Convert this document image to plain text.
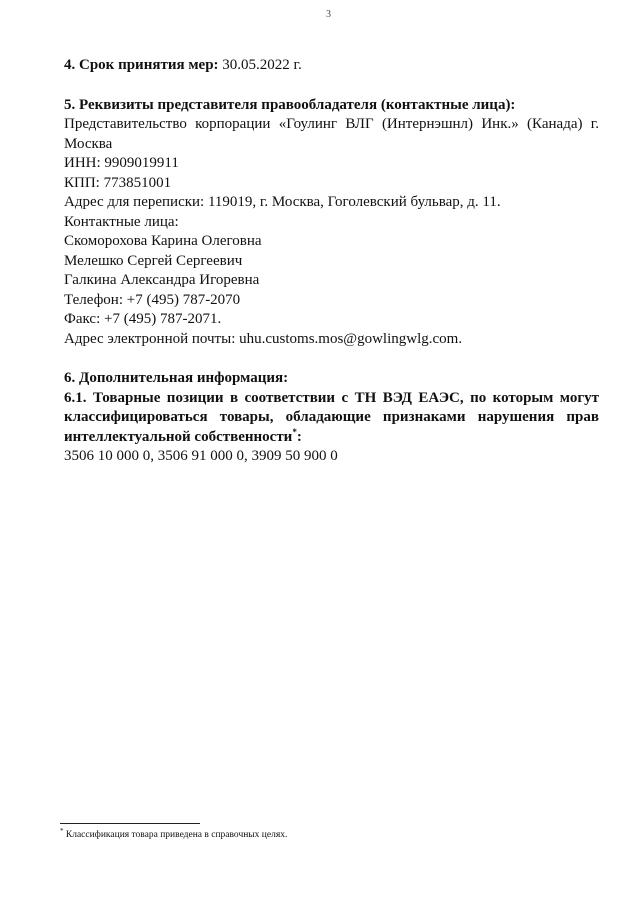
3
4. Срок принятия мер: 30.05.2022 г.
5. Реквизиты представителя правообладателя (контактные лица):
Представительство корпорации «Гоулинг ВЛГ (Интернэшнл) Инк.» (Канада) г. Москва
ИНН: 9909019911
КПП: 773851001
Адрес для переписки: 119019, г. Москва, Гоголевский бульвар, д. 11.
Контактные лица:
Скоморохова Карина Олеговна
Мелешко Сергей Сергеевич
Галкина Александра Игоревна
Телефон: +7 (495) 787-2070
Факс: +7 (495) 787-2071.
Адрес электронной почты: uhu.customs.mos@gowlingwlg.com.
6. Дополнительная информация:
6.1. Товарные позиции в соответствии с ТН ВЭД ЕАЭС, по которым могут классифицироваться товары, обладающие признаками нарушения прав интеллектуальной собственности*:
3506 10 000 0, 3506 91 000 0, 3909 50 900 0
* Классификация товара приведена в справочных целях.
